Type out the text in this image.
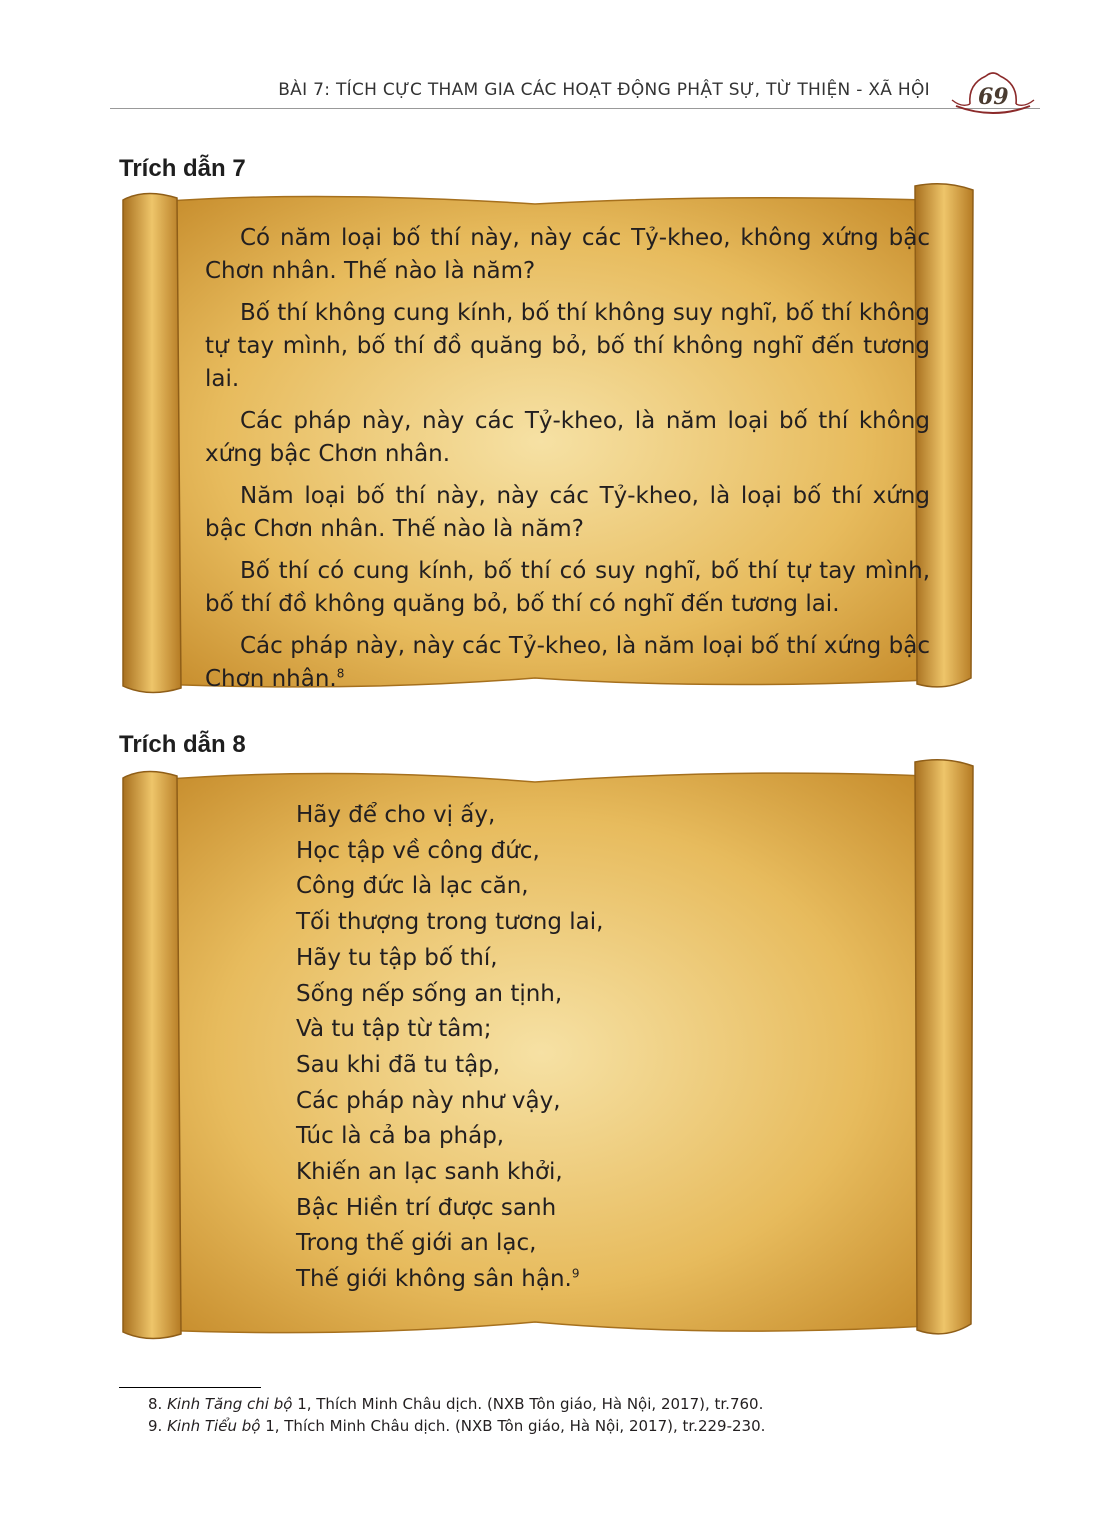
BÀI 7: TÍCH CỰC THAM GIA CÁC HOẠT ĐỘNG PHẬT SỰ, TỪ THIỆN - XÃ HỘI 69
Trích dẫn 7

Có năm loại bố thí này, này các Tỷ-kheo, không xứng bậc Chơn nhân. Thế nào là năm?

Bố thí không cung kính, bố thí không suy nghĩ, bố thí không tự tay mình, bố thí đồ quăng bỏ, bố thí không nghĩ đến tương lai.

Các pháp này, này các Tỷ-kheo, là năm loại bố thí không xứng bậc Chơn nhân.

Năm loại bố thí này, này các Tỷ-kheo, là loại bố thí xứng bậc Chơn nhân. Thế nào là năm?

Bố thí có cung kính, bố thí có suy nghĩ, bố thí tự tay mình, bố thí đồ không quăng bỏ, bố thí có nghĩ đến tương lai.

Các pháp này, này các Tỷ-kheo, là năm loại bố thí xứng bậc Chơn nhân.$^8$

Trích dẫn 8
Hãy để cho vị ấy,
Học tập về công đức,
Công đức là lạc căn,
Tối thượng trong tương lai,
Hãy tu tập bố thí,
Sống nếp sống an tịnh,
Và tu tập từ tâm;
Sau khi đã tu tập,
Các pháp này như vậy,
Túc là cả ba pháp,
Khiến an lạc sanh khởi,
Bậc Hiền trí được sanh
Trong thế giới an lạc,
Thế giới không sân hận.$^9$
8. Kinh Tăng chi bộ 1, Thích Minh Châu dịch. (NXB Tôn giáo, Hà Nội, 2017), tr.760.
9. Kinh Tiểu bộ 1, Thích Minh Châu dịch. (NXB Tôn giáo, Hà Nội, 2017), tr.229-230.
